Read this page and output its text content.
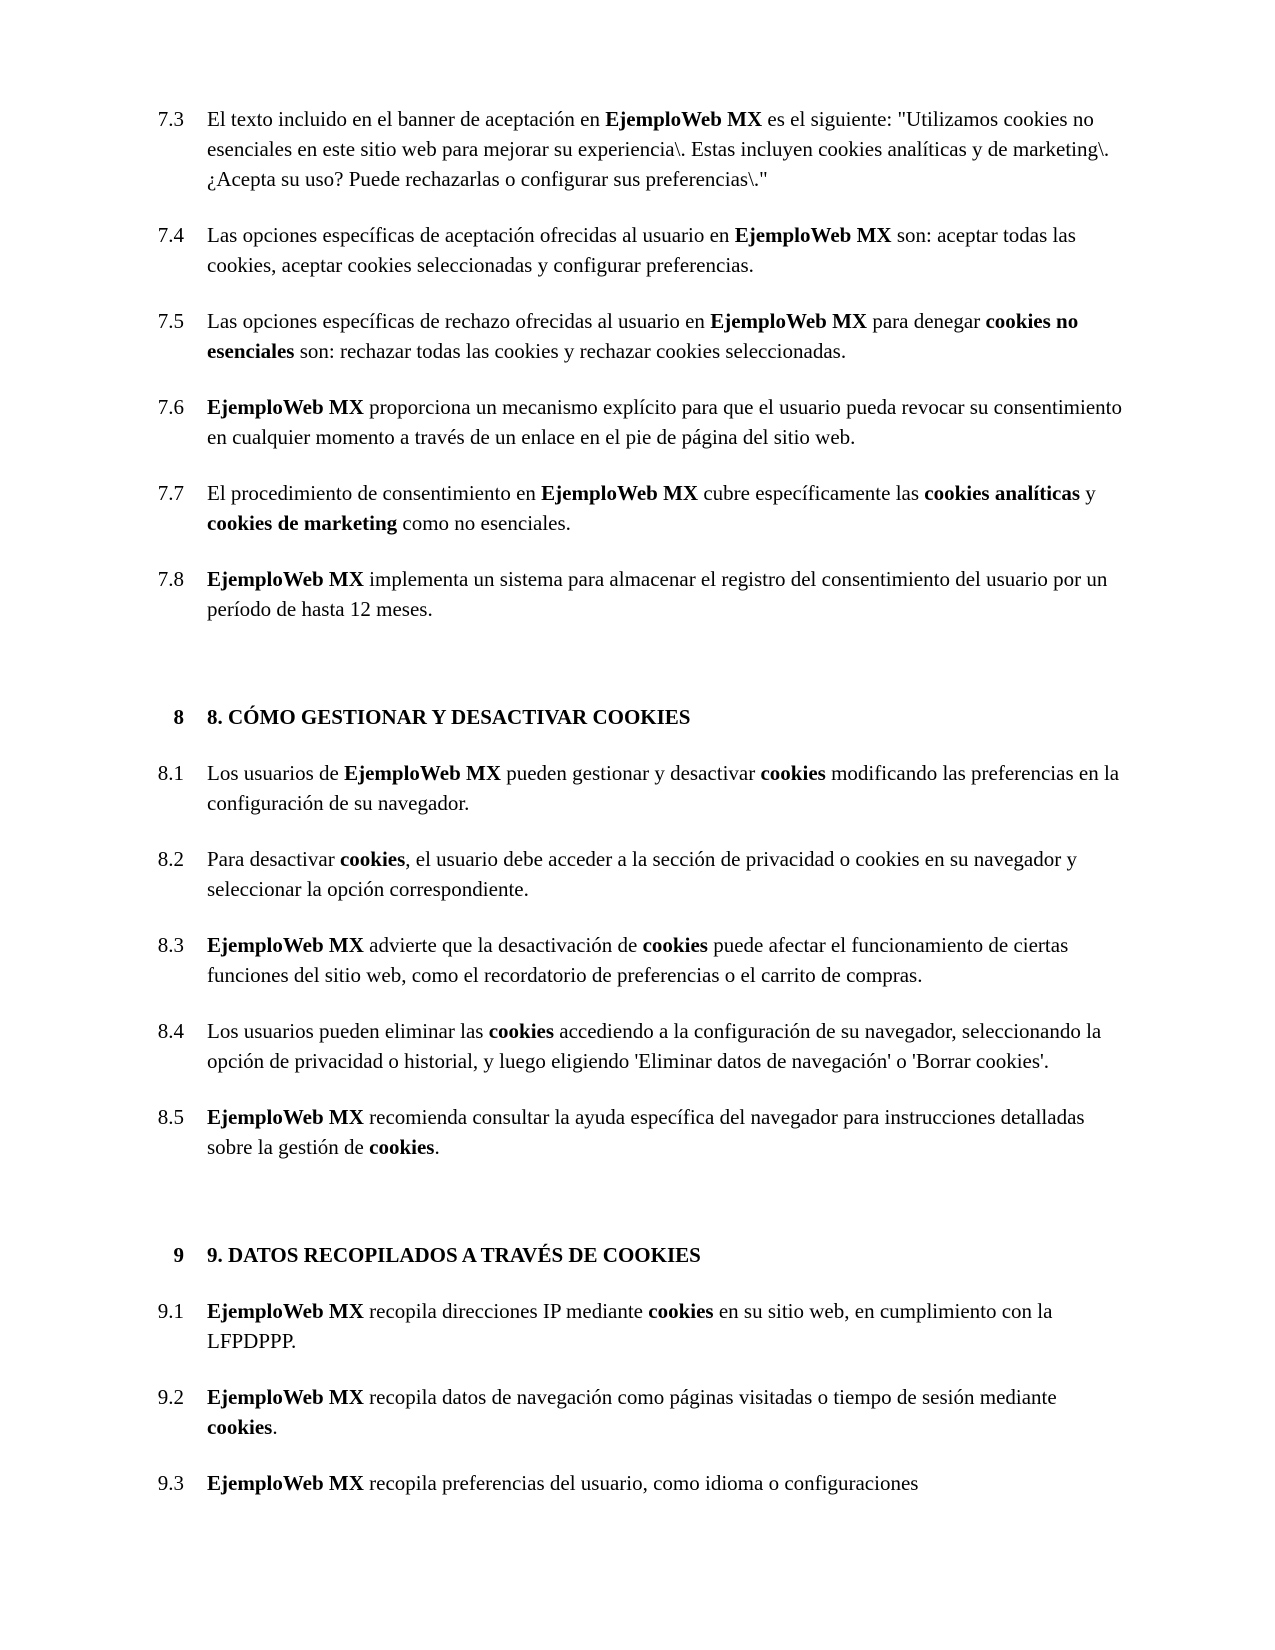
7.3	El texto incluido en el banner de aceptación en EjemploWeb MX es el siguiente: "Utilizamos cookies no esenciales en este sitio web para mejorar su experiencia\. Estas incluyen cookies analíticas y de marketing\. ¿Acepta su uso? Puede rechazarlas o configurar sus preferencias\."
7.4	Las opciones específicas de aceptación ofrecidas al usuario en EjemploWeb MX son: aceptar todas las cookies, aceptar cookies seleccionadas y configurar preferencias.
7.5	Las opciones específicas de rechazo ofrecidas al usuario en EjemploWeb MX para denegar cookies no esenciales son: rechazar todas las cookies y rechazar cookies seleccionadas.
7.6	EjemploWeb MX proporciona un mecanismo explícito para que el usuario pueda revocar su consentimiento en cualquier momento a través de un enlace en el pie de página del sitio web.
7.7	El procedimiento de consentimiento en EjemploWeb MX cubre específicamente las cookies analíticas y cookies de marketing como no esenciales.
7.8	EjemploWeb MX implementa un sistema para almacenar el registro del consentimiento del usuario por un período de hasta 12 meses.
8	8. CÓMO GESTIONAR Y DESACTIVAR COOKIES
8.1	Los usuarios de EjemploWeb MX pueden gestionar y desactivar cookies modificando las preferencias en la configuración de su navegador.
8.2	Para desactivar cookies, el usuario debe acceder a la sección de privacidad o cookies en su navegador y seleccionar la opción correspondiente.
8.3	EjemploWeb MX advierte que la desactivación de cookies puede afectar el funcionamiento de ciertas funciones del sitio web, como el recordatorio de preferencias o el carrito de compras.
8.4	Los usuarios pueden eliminar las cookies accediendo a la configuración de su navegador, seleccionando la opción de privacidad o historial, y luego eligiendo 'Eliminar datos de navegación' o 'Borrar cookies'.
8.5	EjemploWeb MX recomienda consultar la ayuda específica del navegador para instrucciones detalladas sobre la gestión de cookies.
9	9. DATOS RECOPILADOS A TRAVÉS DE COOKIES
9.1	EjemploWeb MX recopila direcciones IP mediante cookies en su sitio web, en cumplimiento con la LFPDPPP.
9.2	EjemploWeb MX recopila datos de navegación como páginas visitadas o tiempo de sesión mediante cookies.
9.3	EjemploWeb MX recopila preferencias del usuario, como idioma o configuraciones
